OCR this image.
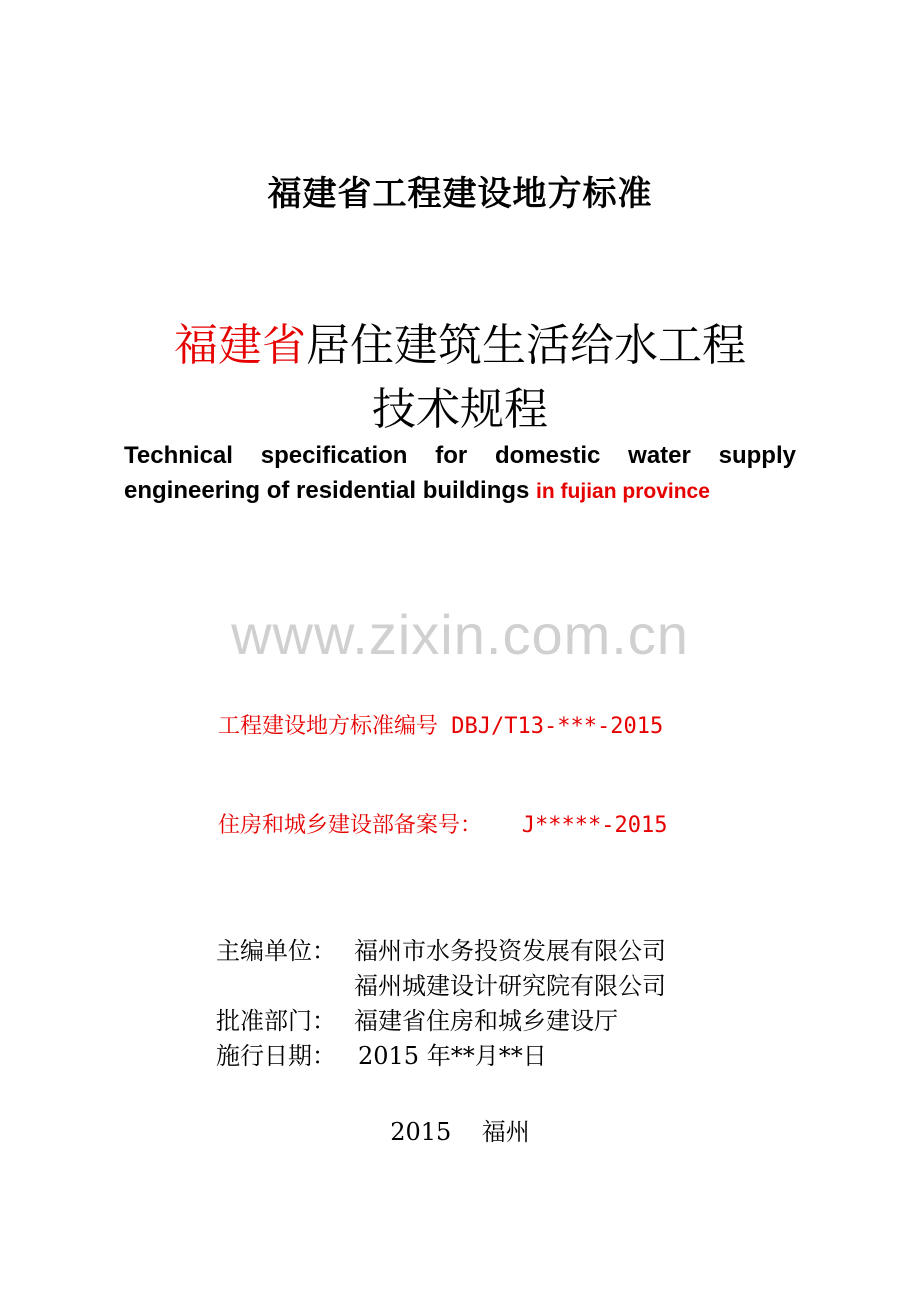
福建省工程建设地方标准
福建省居住建筑生活给水工程
技术规程
Technical specification for domestic water supply
engineering of residential buildings in fujian province
www.zixin.com.cn

工程建设地方标准编号 DBJ/T13-***-2015

住房和城乡建设部备案号： J*****-2015

主编单位： 福州市水务投资发展有限公司
福州城建设计研究院有限公司
批准部门： 福建省住房和城乡建设厅
施行日期： 2015 年**月**日
2015 福州
